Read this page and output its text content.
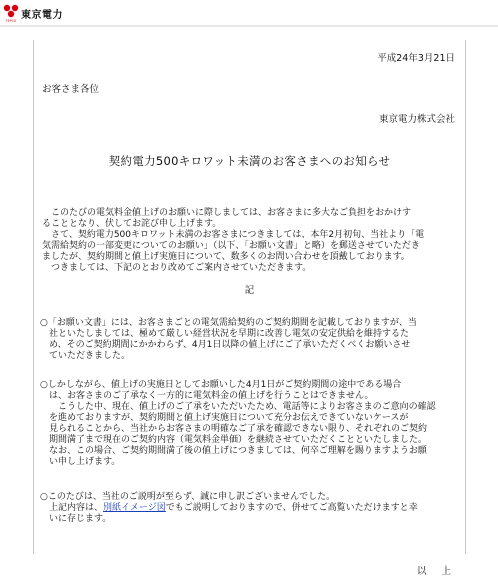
TEPCO 東京電力
平成24年3月21日
お客さま各位
東京電力株式会社
契約電力500キロワット未満のお客さまへのお知らせ
　このたびの電気料金値上げのお願いに際しましては、お客さまに多大なご負担をおかけす
ることとなり、伏してお詫び申し上げます。
　さて、契約電力500キロワット未満のお客さまにつきましては、本年2月初旬、当社より「電
気需給契約の一部変更についてのお願い」（以下、「お願い文書」と略）を郵送させていただき
ましたが、契約期間と値上げ実施日について、数多くのお問い合わせを頂戴しております。
　つきましては、下記のとおり改めてご案内させていただきます。
記
○「お願い文書」には、お客さまごとの電気需給契約のご契約期間を記載しておりますが、当
　社といたしましては、極めて厳しい経営状況を早期に改善し電気の安定供給を維持するた
　め、そのご契約期間にかかわらず、4月1日以降の値上げにご了承いただくべくお願いさせ
　ていただきました。
○しかしながら、値上げの実施日としてお願いした4月1日がご契約期間の途中である場合
　は、お客さまのご了承なく一方的に電気料金の値上げを行うことはできません。
　　こうした中、現在、値上げのご了承をいただいたため、電話等によりお客さまのご意向の確認
　を進めておりますが、契約期間と値上げ実施日について充分お伝えできていないケースが
　見られることから、当社からお客さまの明確なご了承を確認できない限り、それぞれのご契約
　期間満了まで現在のご契約内容（電気料金単価）を継続させていただくことといたしました。
　なお、この場合、ご契約期間満了後の値上げにつきましては、何卒ご理解を賜りますようお願
　い申し上げます。
○このたびは、当社のご説明が至らず、誠に申し訳ございませんでした。
　上記内容は、別紙イメージ図でもご説明しておりますので、併せてご高覧いただけますと幸
　いに存じます。
以 上
